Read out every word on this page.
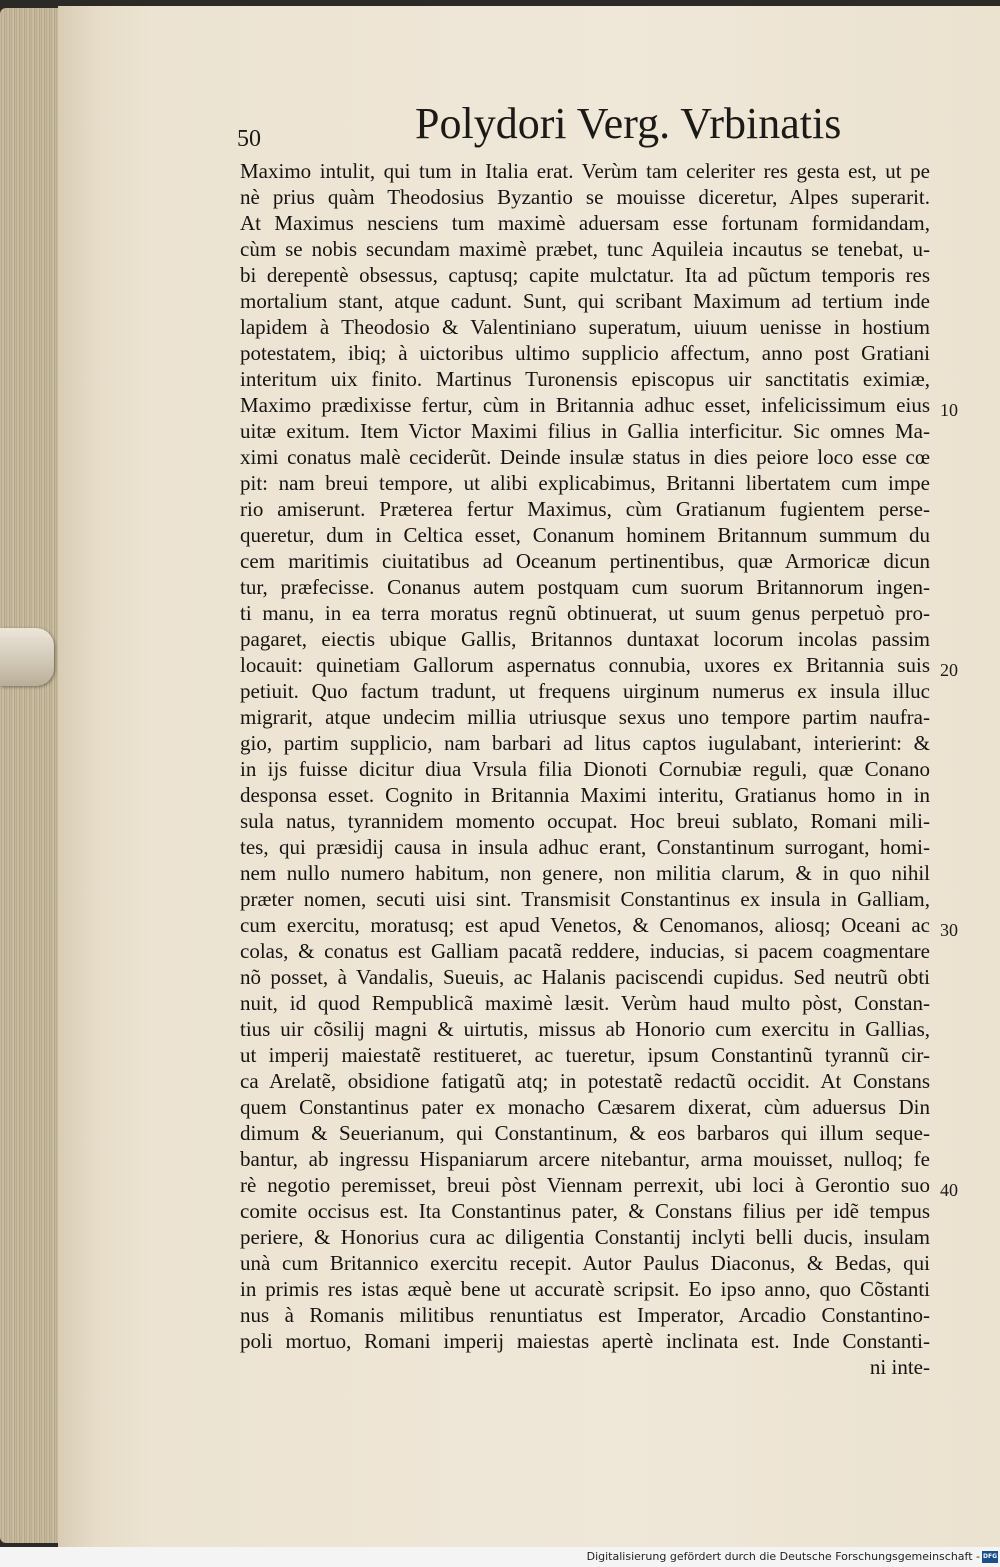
50	Polydori Verg. Vrbinatis
Maximo intulit, qui tum in Italia erat. Verùm tam celeriter res gesta est, ut pe
nè prius quàm Theodosius Byzantio se mouisse diceretur, Alpes superarit.
At Maximus nesciens tum maximè aduersam esse fortunam formidandam,
cùm se nobis secundam maximè præbet, tunc Aquileia incautus se tenebat, u-
bi derepentè obsessus, captusq; capite mulctatur. Ita ad pũctum temporis res
mortalium stant, atque cadunt. Sunt, qui scribant Maximum ad tertium inde
lapidem à Theodosio & Valentiniano superatum, uiuum uenisse in hostium
potestatem, ibiq; à uictoribus ultimo supplicio affectum, anno post Gratiani
interitum uix finito. Martinus Turonensis episcopus uir sanctitatis eximiæ,
Maximo prædixisse fertur, cùm in Britannia adhuc esset, infelicissimum eius
uitæ exitum. Item Victor Maximi filius in Gallia interficitur. Sic omnes Ma-
ximi conatus malè ceciderũt. Deinde insulæ status in dies peiore loco esse cœ
pit: nam breui tempore, ut alibi explicabimus, Britanni libertatem cum impe
rio amiserunt. Præterea fertur Maximus, cùm Gratianum fugientem perse-
queretur, dum in Celtica esset, Conanum hominem Britannum summum du
cem maritimis ciuitatibus ad Oceanum pertinentibus, quæ Armoricæ dicun
tur, præfecisse. Conanus autem postquam cum suorum Britannorum ingen-
ti manu, in ea terra moratus regnũ obtinuerat, ut suum genus perpetuò pro-
pagaret, eiectis ubique Gallis, Britannos duntaxat locorum incolas passim
locauit: quinetiam Gallorum aspernatus connubia, uxores ex Britannia suis
petiuit. Quo factum tradunt, ut frequens uirginum numerus ex insula illuc
migrarit, atque undecim millia utriusque sexus uno tempore partim naufra-
gio, partim supplicio, nam barbari ad litus captos iugulabant, interierint: &
in ijs fuisse dicitur diua Vrsula filia Dionoti Cornubiæ reguli, quæ Conano
desponsa esset. Cognito in Britannia Maximi interitu, Gratianus homo in in
sula natus, tyrannidem momento occupat. Hoc breui sublato, Romani mili-
tes, qui præsidij causa in insula adhuc erant, Constantinum surrogant, homi-
nem nullo numero habitum, non genere, non militia clarum, & in quo nihil
præter nomen, secuti uisi sint. Transmisit Constantinus ex insula in Galliam,
cum exercitu, moratusq; est apud Venetos, & Cenomanos, aliosq; Oceani ac
colas, & conatus est Galliam pacatã reddere, inducias, si pacem coagmentare
nõ posset, à Vandalis, Sueuis, ac Halanis paciscendi cupidus. Sed neutrũ obti
nuit, id quod Rempublicã maximè læsit. Verùm haud multo pòst, Constan-
tius uir cõsilij magni & uirtutis, missus ab Honorio cum exercitu in Gallias,
ut imperij maiestatẽ restitueret, ac tueretur, ipsum Constantinũ tyrannũ cir-
ca Arelatẽ, obsidione fatigatũ atq; in potestatẽ redactũ occidit. At Constans
quem Constantinus pater ex monacho Cæsarem dixerat, cùm aduersus Din
dimum & Seuerianum, qui Constantinum, & eos barbaros qui illum seque-
bantur, ab ingressu Hispaniarum arcere nitebantur, arma mouisset, nulloq; fe
rè negotio peremisset, breui pòst Viennam perrexit, ubi loci à Gerontio suo
comite occisus est. Ita Constantinus pater, & Constans filius per idẽ tempus
periere, & Honorius cura ac diligentia Constantij inclyti belli ducis, insulam
unà cum Britannico exercitu recepit. Autor Paulus Diaconus, & Bedas, qui
in primis res istas æquè bene ut accuratè scripsit. Eo ipso anno, quo Cõstanti
nus à Romanis militibus renuntiatus est Imperator, Arcadio Constantino-
poli mortuo, Romani imperij maiestas apertè inclinata est. Inde Constanti-
ni inte-
10
20
30
40
Digitalisierung gefördert durch die Deutsche Forschungsgemeinschaft - DFG
